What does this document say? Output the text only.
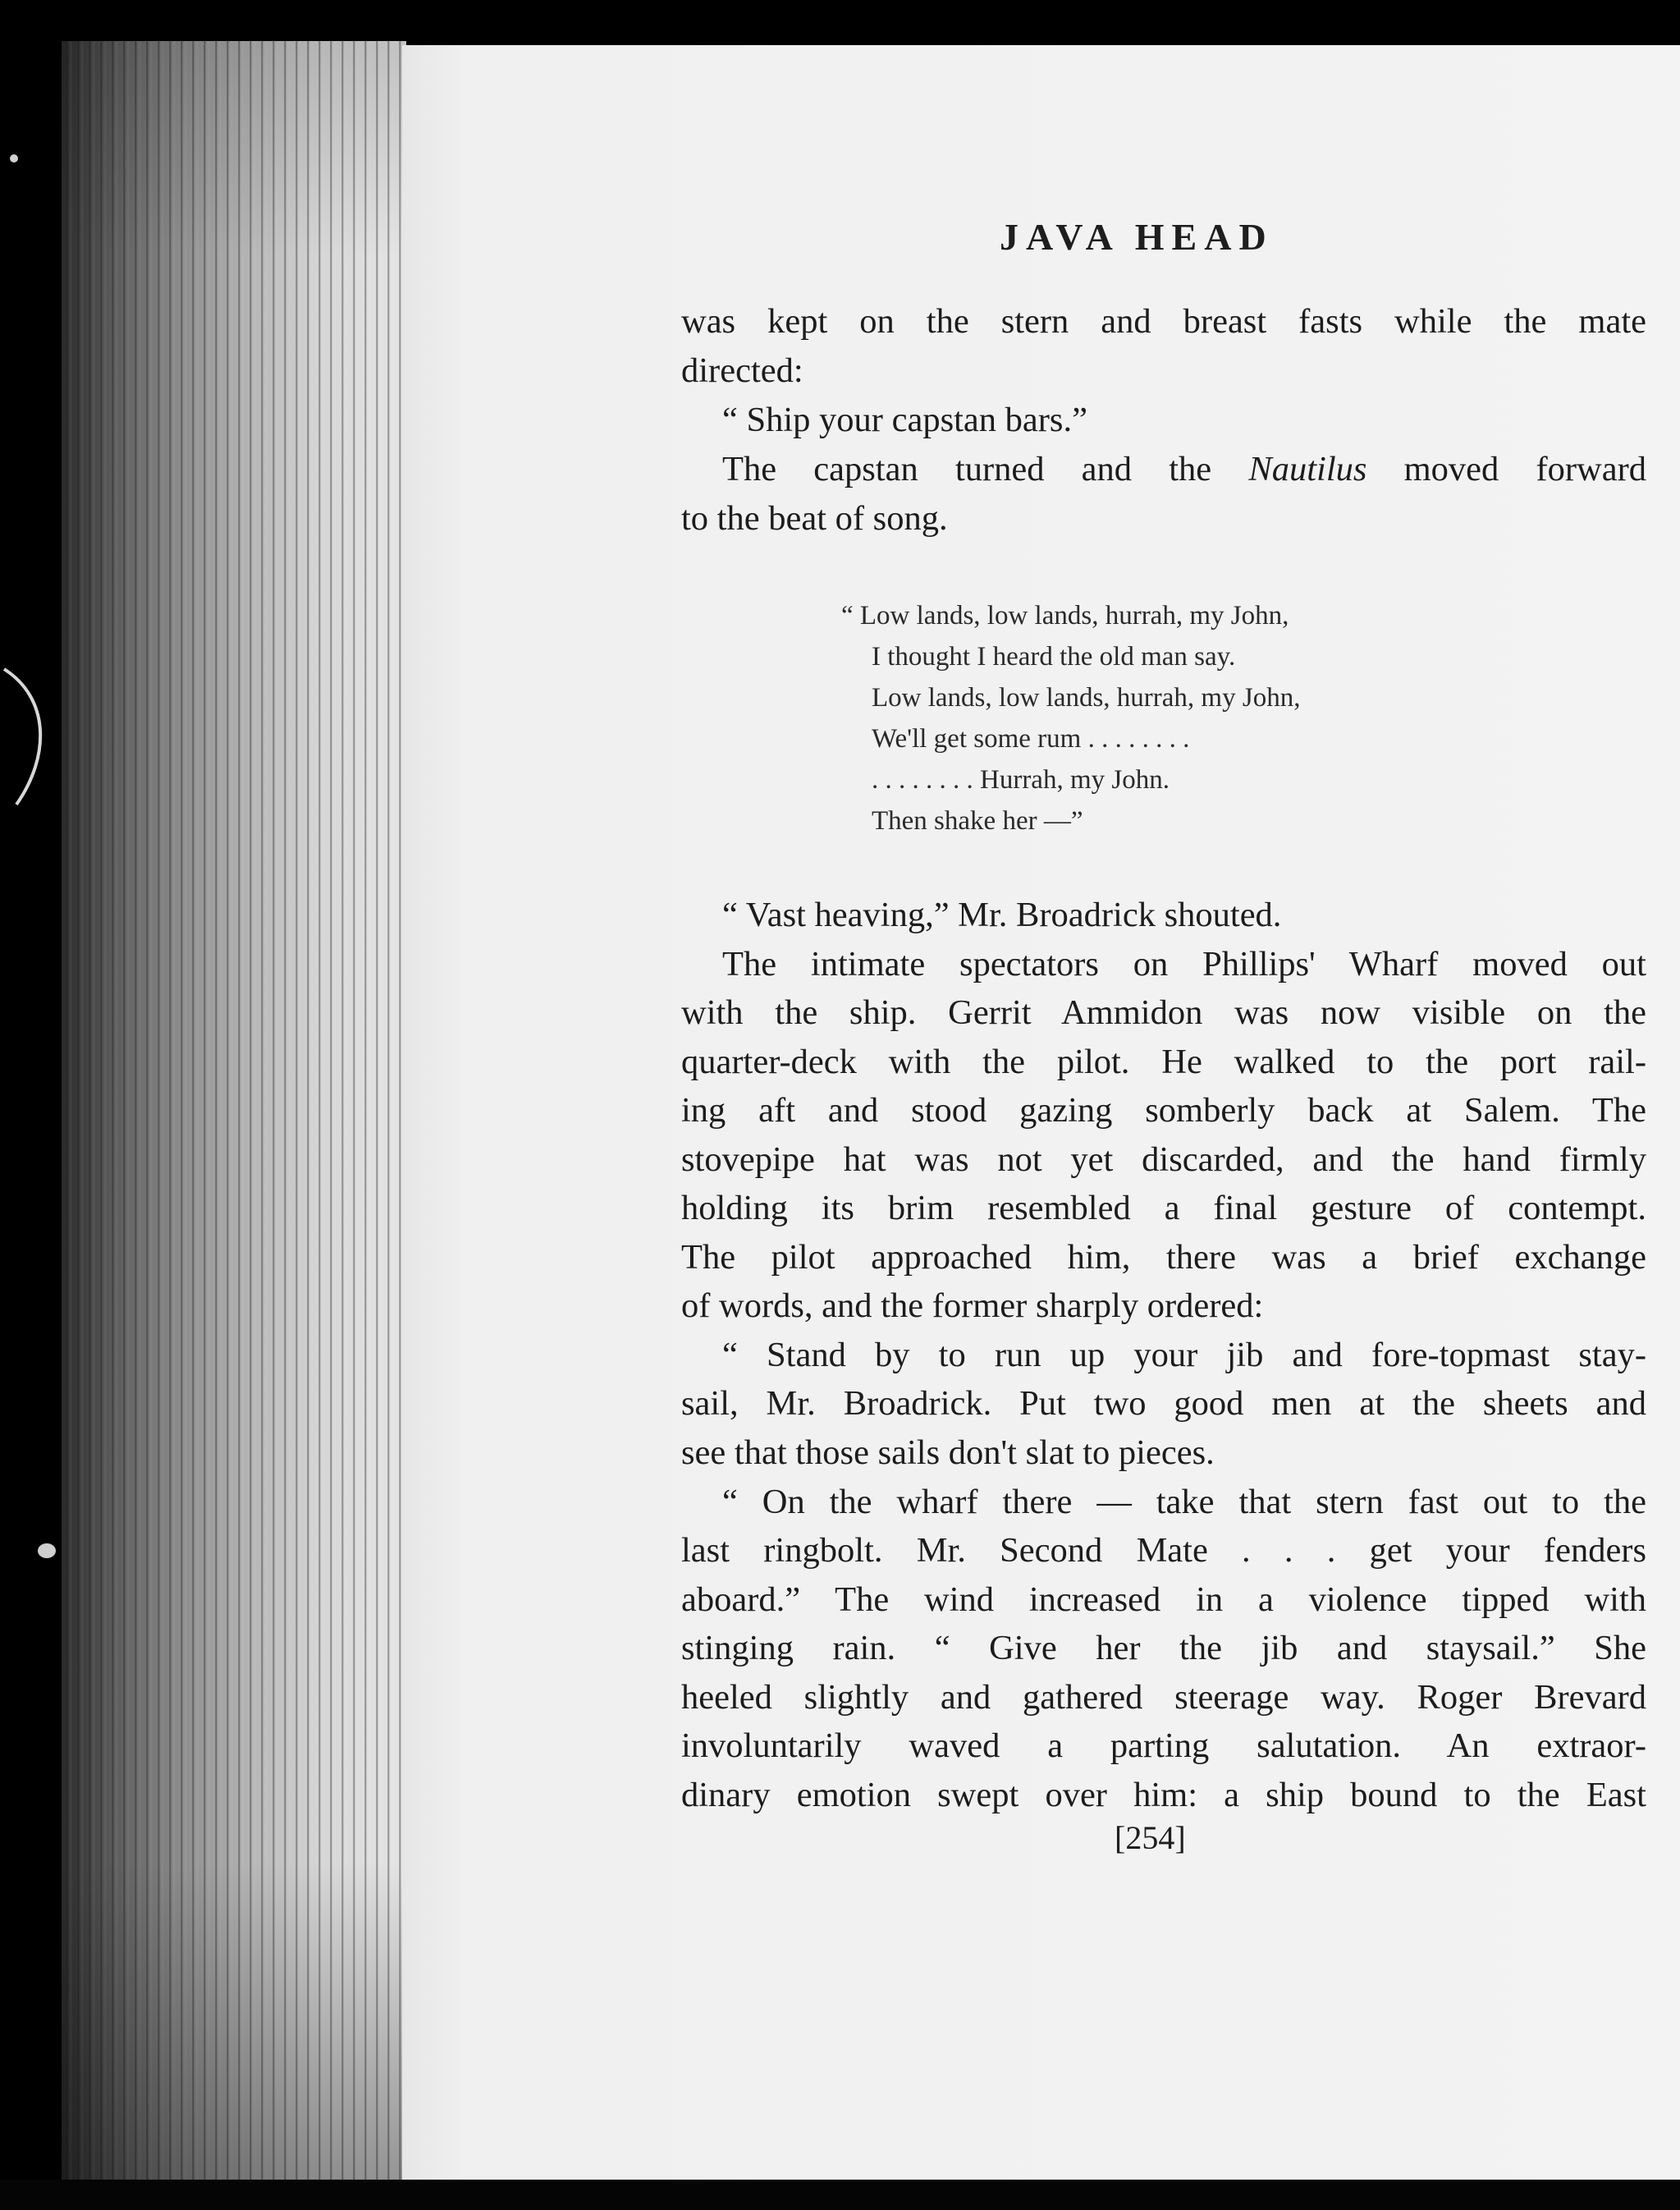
JAVA HEAD
was kept on the stern and breast fasts while the mate
directed:
“ Ship your capstan bars.”
The capstan turned and the Nautilus moved forward
to the beat of song.
“ Low lands, low lands, hurrah, my John,
I thought I heard the old man say.
Low lands, low lands, hurrah, my John,
We'll get some rum . . . . . . . .
. . . . . . . . Hurrah, my John.
Then shake her —”
“ Vast heaving,” Mr. Broadrick shouted.
The intimate spectators on Phillips' Wharf moved out
with the ship. Gerrit Ammidon was now visible on the
quarter-deck with the pilot. He walked to the port rail-
ing aft and stood gazing somberly back at Salem. The
stovepipe hat was not yet discarded, and the hand firmly
holding its brim resembled a final gesture of contempt.
The pilot approached him, there was a brief exchange
of words, and the former sharply ordered:
“ Stand by to run up your jib and fore-topmast stay-
sail, Mr. Broadrick. Put two good men at the sheets and
see that those sails don't slat to pieces.
“ On the wharf there — take that stern fast out to the
last ringbolt. Mr. Second Mate . . . get your fenders
aboard.” The wind increased in a violence tipped with
stinging rain. “ Give her the jib and staysail.” She
heeled slightly and gathered steerage way. Roger Brevard
involuntarily waved a parting salutation. An extraor-
dinary emotion swept over him: a ship bound to the East
[254]
